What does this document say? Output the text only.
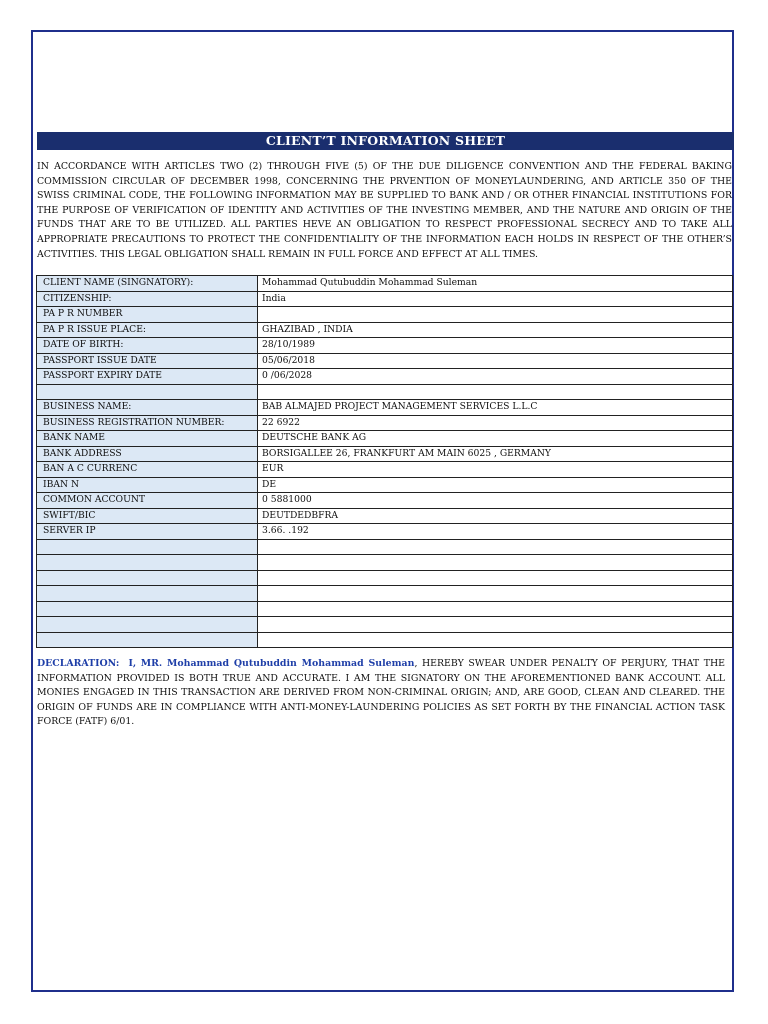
CLIENT’T INFORMATION SHEET

IN ACCORDANCE WITH ARTICLES TWO (2) THROUGH FIVE (5) OF THE DUE DILIGENCE CONVENTION AND THE FEDERAL BAKING COMMISSION CIRCULAR OF DECEMBER 1998, CONCERNING THE PRVENTION OF MONEYLAUNDERING, AND ARTICLE 350 OF THE SWISS CRIMINAL CODE, THE FOLLOWING INFORMATION MAY BE SUPPLIED TO BANK AND / OR OTHER FINANCIAL INSTITUTIONS FOR THE PURPOSE OF VERIFICATION OF IDENTITY AND ACTIVITIES OF THE INVESTING MEMBER, AND THE NATURE AND ORIGIN OF THE FUNDS THAT ARE TO BE UTILIZED. ALL PARTIES HEVE AN OBLIGATION TO RESPECT PROFESSIONAL SECRECY AND TO TAKE ALL APPROPRIATE PRECAUTIONS TO PROTECT THE CONFIDENTIALITY OF THE INFORMATION EACH HOLDS IN RESPECT OF THE OTHER’S ACTIVITIES. THIS LEGAL OBLIGATION SHALL REMAIN IN FULL FORCE AND EFFECT AT ALL TIMES.

CLIENT NAME (SINGNATORY):	Mohammad Qutubuddin Mohammad Suleman
CITIZENSHIP:	India
PA P R NUMBER	
PA P R ISSUE PLACE:	GHAZIBAD , INDIA
DATE OF BIRTH:	28/10/1989
PASSPORT ISSUE DATE	05/06/2018
PASSPORT EXPIRY DATE	0 /06/2028

BUSINESS NAME:	BAB ALMAJED PROJECT MANAGEMENT SERVICES L.L.C
BUSINESS REGISTRATION NUMBER:	22 6922
BANK NAME	DEUTSCHE BANK AG
BANK ADDRESS	BORSIGALLEE 26, FRANKFURT AM MAIN 6025 , GERMANY
BAN A C CURRENC	EUR
IBAN N	DE
COMMON ACCOUNT	0 5881000
SWIFT/BIC	DEUTDEDBFRA
SERVER IP	3.66. .192

DECLARATION: I, MR. Mohammad Qutubuddin Mohammad Suleman, HEREBY SWEAR UNDER PENALTY OF PERJURY, THAT THE INFORMATION PROVIDED IS BOTH TRUE AND ACCURATE. I AM THE SIGNATORY ON THE AFOREMENTIONED BANK ACCOUNT. ALL MONIES ENGAGED IN THIS TRANSACTION ARE DERIVED FROM NON-CRIMINAL ORIGIN; AND, ARE GOOD, CLEAN AND CLEARED. THE ORIGIN OF FUNDS ARE IN COMPLIANCE WITH ANTI-MONEY-LAUNDERING POLICIES AS SET FORTH BY THE FINANCIAL ACTION TASK FORCE (FATF) 6/01.
